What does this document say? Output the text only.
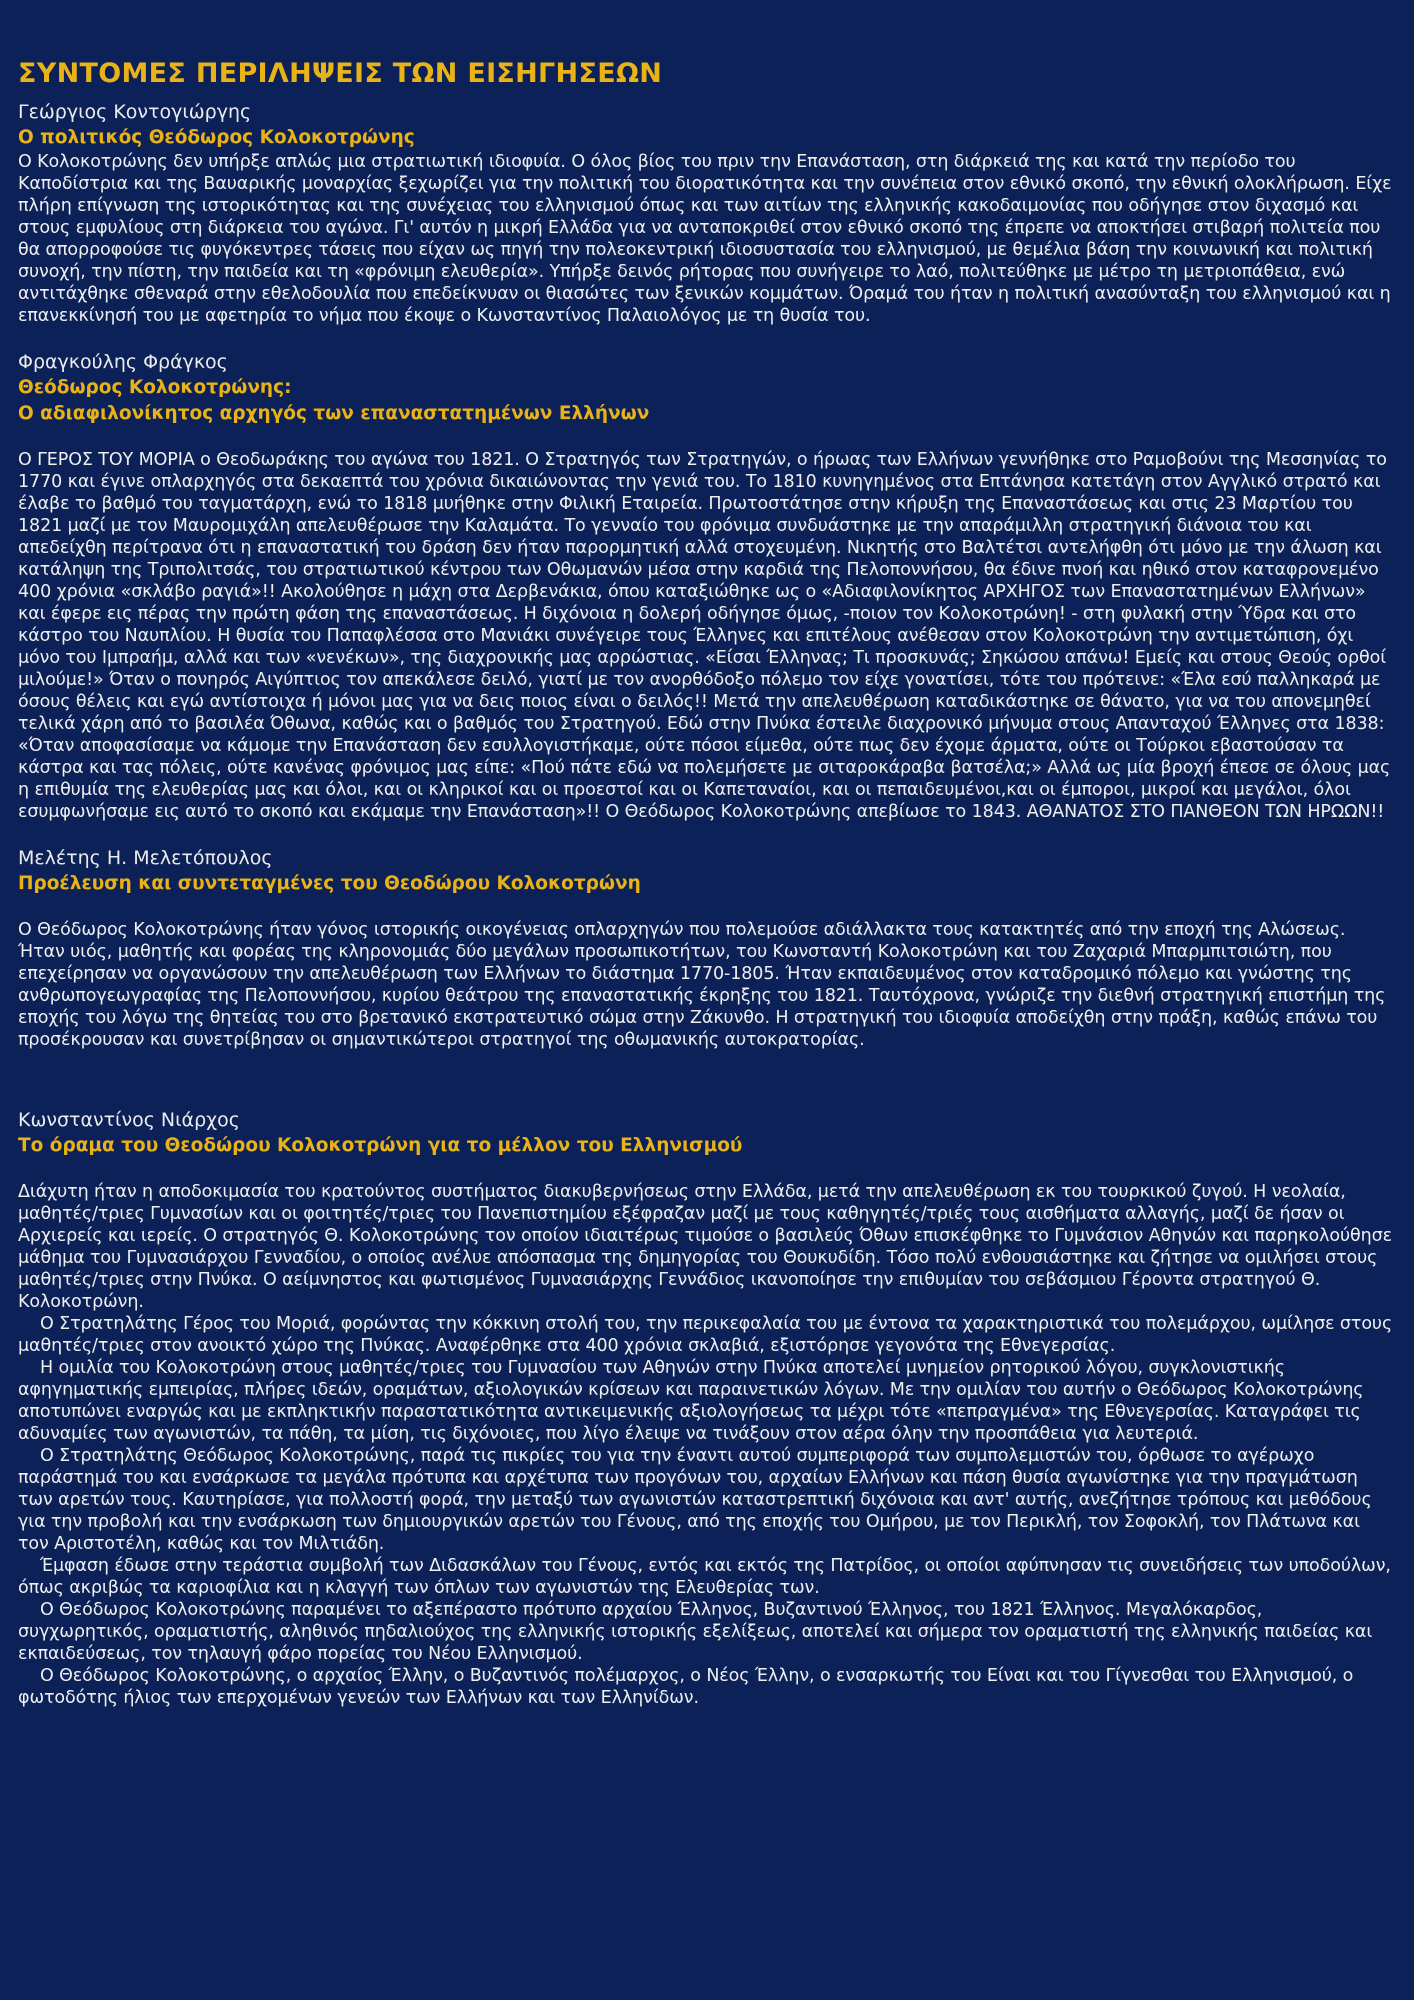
ΣΥΝΤΟΜΕΣ ΠΕΡΙΛΗΨΕΙΣ ΤΩΝ ΕΙΣΗΓΗΣΕΩΝ

Γεώργιος Κοντογιώργης

Ο πολιτικός Θεόδωρος Κολοκοτρώνης

Ο Κολοκοτρώνης δεν υπήρξε απλώς μια στρατιωτική ιδιοφυία. Ο όλος βίος του πριν την Επανάσταση, στη διάρκειά της και κατά την περίοδο του Καποδίστρια και της Βαυαρικής μοναρχίας ξεχωρίζει για την πολιτική του διορατικότητα και την συνέπεια στον εθνικό σκοπό, την εθνική ολοκλήρωση. Είχε πλήρη επίγνωση της ιστορικότητας και της συνέχειας του ελληνισμού όπως και των αιτίων της ελληνικής κακοδαιμονίας που οδήγησε στον διχασμό και στους εμφυλίους στη διάρκεια του αγώνα. Γι' αυτόν η μικρή Ελλάδα για να ανταποκριθεί στον εθνικό σκοπό της έπρεπε να αποκτήσει στιβαρή πολιτεία που θα απορροφούσε τις φυγόκεντρες τάσεις που είχαν ως πηγή την πολεοκεντρική ιδιοσυστασία του ελληνισμού, με θεμέλια βάση την κοινωνική και πολιτική συνοχή, την πίστη, την παιδεία και τη «φρόνιμη ελευθερία». Υπήρξε δεινός ρήτορας που συνήγειρε το λαό, πολιτεύθηκε με μέτρο τη μετριοπάθεια, ενώ αντιτάχθηκε σθεναρά στην εθελοδουλία που επεδείκνυαν οι θιασώτες των ξενικών κομμάτων. Όραμά του ήταν η πολιτική ανασύνταξη του ελληνισμού και η επανεκκίνησή του με αφετηρία το νήμα που έκοψε ο Κωνσταντίνος Παλαιολόγος με τη θυσία του.

Φραγκούλης Φράγκος

Θεόδωρος Κολοκοτρώνης:

Ο αδιαφιλονίκητος αρχηγός των επαναστατημένων Ελλήνων

Ο ΓΕΡΟΣ ΤΟΥ ΜΟΡΙΑ ο Θεοδωράκης του αγώνα του 1821. Ο Στρατηγός των Στρατηγών, ο ήρωας των Ελλήνων γεννήθηκε στο Ραμοβούνι της Μεσσηνίας το 1770 και έγινε οπλαρχηγός στα δεκαεπτά του χρόνια δικαιώνοντας την γενιά του. Το 1810 κυνηγημένος στα Επτάνησα κατετάγη στον Αγγλικό στρατό και έλαβε το βαθμό του ταγματάρχη, ενώ το 1818 μυήθηκε στην Φιλική Εταιρεία. Πρωτοστάτησε στην κήρυξη της Επαναστάσεως και στις 23 Μαρτίου του 1821 μαζί με τον Μαυρομιχάλη απελευθέρωσε την Καλαμάτα. Το γενναίο του φρόνιμα συνδυάστηκε με την απαράμιλλη στρατηγική διάνοια του και απεδείχθη περίτρανα ότι η επαναστατική του δράση δεν ήταν παρορμητική αλλά στοχευμένη. Νικητής στο Βαλτέτσι αντελήφθη ότι μόνο με την άλωση και κατάληψη της Τριπολιτσάς, του στρατιωτικού κέντρου των Οθωμανών μέσα στην καρδιά της Πελοποννήσου, θα έδινε πνοή και ηθικό στον καταφρονεμένο 400 χρόνια «σκλάβο ραγιά»!! Ακολούθησε η μάχη στα Δερβενάκια, όπου καταξιώθηκε ως ο «Αδιαφιλονίκητος ΑΡΧΗΓΟΣ των Επαναστατημένων Ελλήνων» και έφερε εις πέρας την πρώτη φάση της επαναστάσεως. Η διχόνοια η δολερή οδήγησε όμως, -ποιον τον Κολοκοτρώνη! - στη φυλακή στην Ύδρα και στο κάστρο του Ναυπλίου. Η θυσία του Παπαφλέσσα στο Μανιάκι συνέγειρε τους Έλληνες και επιτέλους ανέθεσαν στον Κολοκοτρώνη την αντιμετώπιση, όχι μόνο του Ιμπραήμ, αλλά και των «νενέκων», της διαχρονικής μας αρρώστιας. «Είσαι Έλληνας; Τι προσκυνάς; Σηκώσου απάνω! Εμείς και στους Θεούς ορθοί μιλούμε!» Όταν ο πονηρός Αιγύπτιος τον απεκάλεσε δειλό, γιατί με τον ανορθόδοξο πόλεμο τον είχε γονατίσει, τότε του πρότεινε: «Έλα εσύ παλληκαρά με όσους θέλεις και εγώ αντίστοιχα ή μόνοι μας για να δεις ποιος είναι ο δειλός!! Μετά την απελευθέρωση καταδικάστηκε σε θάνατο, για να του απονεμηθεί τελικά χάρη από το βασιλέα Όθωνα, καθώς και ο βαθμός του Στρατηγού. Εδώ στην Πνύκα έστειλε διαχρονικό μήνυμα στους Απανταχού Έλληνες στα 1838: «Όταν αποφασίσαμε να κάμομε την Επανάσταση δεν εσυλλογιστήκαμε, ούτε πόσοι είμεθα, ούτε πως δεν έχομε άρματα, ούτε οι Τούρκοι εβαστούσαν τα κάστρα και τας πόλεις, ούτε κανένας φρόνιμος μας είπε: «Πού πάτε εδώ να πολεμήσετε με σιταροκάραβα βατσέλα;» Αλλά ως μία βροχή έπεσε σε όλους μας η επιθυμία της ελευθερίας μας και όλοι, και οι κληρικοί και οι προεστοί και οι Καπεταναίοι, και οι πεπαιδευμένοι,και οι έμποροι, μικροί και μεγάλοι, όλοι εσυμφωνήσαμε εις αυτό το σκοπό και εκάμαμε την Επανάσταση»!! Ο Θεόδωρος Κολοκοτρώνης απεβίωσε το 1843. ΑΘΑΝΑΤΟΣ ΣΤΟ ΠΑΝΘΕΟΝ ΤΩΝ ΗΡΩΩΝ!!

Μελέτης Η. Μελετόπουλος

Προέλευση και συντεταγμένες του Θεοδώρου Κολοκοτρώνη

Ο Θεόδωρος Κολοκοτρώνης ήταν γόνος ιστορικής οικογένειας οπλαρχηγών που πολεμούσε αδιάλλακτα τους κατακτητές από την εποχή της Αλώσεως. Ήταν υιός, μαθητής και φορέας της κληρονομιάς δύο μεγάλων προσωπικοτήτων, του Κωνσταντή Κολοκοτρώνη και του Ζαχαριά Μπαρμπιτσιώτη, που επεχείρησαν να οργανώσουν την απελευθέρωση των Ελλήνων το διάστημα 1770-1805. Ήταν εκπαιδευμένος στον καταδρομικό πόλεμο και γνώστης της ανθρωπογεωγραφίας της Πελοποννήσου, κυρίου θεάτρου της επαναστατικής έκρηξης του 1821. Ταυτόχρονα, γνώριζε την διεθνή στρατηγική επιστήμη της εποχής του λόγω της θητείας του στο βρετανικό εκστρατευτικό σώμα στην Ζάκυνθο. Η στρατηγική του ιδιοφυία αποδείχθη στην πράξη, καθώς επάνω του προσέκρουσαν και συνετρίβησαν οι σημαντικώτεροι στρατηγοί της οθωμανικής αυτοκρατορίας.

Κωνσταντίνος Νιάρχος

Το όραμα του Θεοδώρου Κολοκοτρώνη για το μέλλον του Ελληνισμού

Διάχυτη ήταν η αποδοκιμασία του κρατούντος συστήματος διακυβερνήσεως στην Ελλάδα, μετά την απελευθέρωση εκ του τουρκικού ζυγού. Η νεολαία, μαθητές/τριες Γυμνασίων και οι φοιτητές/τριες του Πανεπιστημίου εξέφραζαν μαζί με τους καθηγητές/τριές τους αισθήματα αλλαγής, μαζί δε ήσαν οι Αρχιερείς και ιερείς. Ο στρατηγός Θ. Κολοκοτρώνης τον οποίον ιδιαιτέρως τιμούσε ο βασιλεύς Όθων επισκέφθηκε το Γυμνάσιον Αθηνών και παρηκολούθησε μάθημα του Γυμνασιάρχου Γενναδίου, ο οποίος ανέλυε απόσπασμα της δημηγορίας του Θουκυδίδη. Τόσο πολύ ενθουσιάστηκε και ζήτησε να ομιλήσει στους μαθητές/τριες στην Πνύκα. Ο αείμνηστος και φωτισμένος Γυμνασιάρχης Γεννάδιος ικανοποίησε την επιθυμίαν του σεβάσμιου Γέροντα στρατηγού Θ. Κολοκοτρώνη.

Ο Στρατηλάτης Γέρος του Μοριά, φορώντας την κόκκινη στολή του, την περικεφαλαία του με έντονα τα χαρακτηριστικά του πολεμάρχου, ωμίλησε στους μαθητές/τριες στον ανοικτό χώρο της Πνύκας. Αναφέρθηκε στα 400 χρόνια σκλαβιά, εξιστόρησε γεγονότα της Εθνεγερσίας.

Η ομιλία του Κολοκοτρώνη στους μαθητές/τριες του Γυμνασίου των Αθηνών στην Πνύκα αποτελεί μνημείον ρητορικού λόγου, συγκλονιστικής αφηγηματικής εμπειρίας, πλήρες ιδεών, οραμάτων, αξιολογικών κρίσεων και παραινετικών λόγων. Με την ομιλίαν του αυτήν ο Θεόδωρος Κολοκοτρώνης αποτυπώνει εναργώς και με εκπληκτικήν παραστατικότητα αντικειμενικής αξιολογήσεως τα μέχρι τότε «πεπραγμένα» της Εθνεγερσίας. Καταγράφει τις αδυναμίες των αγωνιστών, τα πάθη, τα μίση, τις διχόνοιες, που λίγο έλειψε να τινάξουν στον αέρα όλην την προσπάθεια για λευτεριά.

Ο Στρατηλάτης Θεόδωρος Κολοκοτρώνης, παρά τις πικρίες του για την έναντι αυτού συμπεριφορά των συμπολεμιστών του, όρθωσε το αγέρωχο παράστημά του και ενσάρκωσε τα μεγάλα πρότυπα και αρχέτυπα των προγόνων του, αρχαίων Ελλήνων και πάση θυσία αγωνίστηκε για την πραγμάτωση των αρετών τους. Καυτηρίασε, για πολλοστή φορά, την μεταξύ των αγωνιστών καταστρεπτική διχόνοια και αντ' αυτής, ανεζήτησε τρόπους και μεθόδους για την προβολή και την ενσάρκωση των δημιουργικών αρετών του Γένους, από της εποχής του Ομήρου, με τον Περικλή, τον Σοφοκλή, τον Πλάτωνα και τον Αριστοτέλη, καθώς και τον Μιλτιάδη.

Έμφαση έδωσε στην τεράστια συμβολή των Διδασκάλων του Γένους, εντός και εκτός της Πατρίδος, οι οποίοι αφύπνησαν τις συνειδήσεις των υποδούλων, όπως ακριβώς τα καριοφίλια και η κλαγγή των όπλων των αγωνιστών της Ελευθερίας των.

Ο Θεόδωρος Κολοκοτρώνης παραμένει το αξεπέραστο πρότυπο αρχαίου Έλληνος, Βυζαντινού Έλληνος, του 1821 Έλληνος. Μεγαλόκαρδος, συγχωρητικός, οραματιστής, αληθινός πηδαλιούχος της ελληνικής ιστορικής εξελίξεως, αποτελεί και σήμερα τον οραματιστή της ελληνικής παιδείας και εκπαιδεύσεως, τον τηλαυγή φάρο πορείας του Νέου Ελληνισμού.

Ο Θεόδωρος Κολοκοτρώνης, ο αρχαίος Έλλην, ο Βυζαντινός πολέμαρχος, ο Νέος Έλλην, ο ενσαρκωτής του Είναι και του Γίγνεσθαι του Ελληνισμού, ο φωτοδότης ήλιος των επερχομένων γενεών των Ελλήνων και των Ελληνίδων.
